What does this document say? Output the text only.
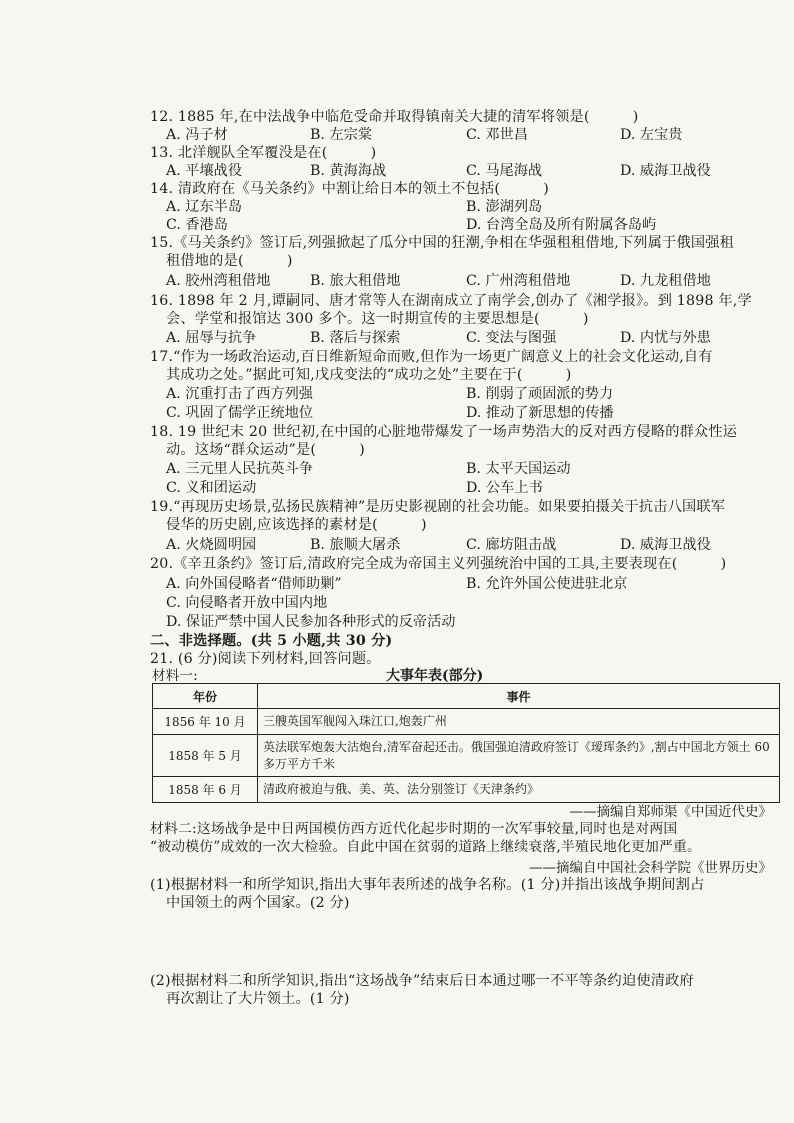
12. 1885 年,在中法战争中临危受命并取得镇南关大捷的清军将领是(　　　)
A. 冯子材	B. 左宗棠	C. 邓世昌	D. 左宝贵
13. 北洋舰队全军覆没是在(　　　)
A. 平壤战役	B. 黄海海战	C. 马尾海战	D. 威海卫战役
14. 清政府在《马关条约》中割让给日本的领土不包括(　　　)
A. 辽东半岛	B. 澎湖列岛
C. 香港岛	D. 台湾全岛及所有附属各岛屿
15.《马关条约》签订后,列强掀起了瓜分中国的狂潮,争相在华强租租借地,下列属于俄国强租
租借地的是(　　　)
A. 胶州湾租借地	B. 旅大租借地	C. 广州湾租借地	D. 九龙租借地
16. 1898 年 2 月,谭嗣同、唐才常等人在湖南成立了南学会,创办了《湘学报》。到 1898 年,学
会、学堂和报馆达 300 多个。这一时期宣传的主要思想是(　　　)
A. 屈辱与抗争	B. 落后与探索	C. 变法与图强	D. 内忧与外患
17.“作为一场政治运动,百日维新短命而败,但作为一场更广阔意义上的社会文化运动,自有
其成功之处。”据此可知,戊戌变法的“成功之处”主要在于(　　　)
A. 沉重打击了西方列强	B. 削弱了顽固派的势力
C. 巩固了儒学正统地位	D. 推动了新思想的传播
18. 19 世纪末 20 世纪初,在中国的心脏地带爆发了一场声势浩大的反对西方侵略的群众性运
动。这场“群众运动”是(　　　)
A. 三元里人民抗英斗争	B. 太平天国运动
C. 义和团运动	D. 公车上书
19.“再现历史场景,弘扬民族精神”是历史影视剧的社会功能。如果要拍摄关于抗击八国联军
侵华的历史剧,应该选择的素材是(　　　)
A. 火烧圆明园	B. 旅顺大屠杀	C. 廊坊阻击战	D. 威海卫战役
20.《辛丑条约》签订后,清政府完全成为帝国主义列强统治中国的工具,主要表现在(　　　)
A. 向外国侵略者“借师助剿”	B. 允许外国公使进驻北京
C. 向侵略者开放中国内地
D. 保证严禁中国人民参加各种形式的反帝活动
二、非选择题。(共 5 小题,共 30 分)
21. (6 分)阅读下列材料,回答问题。
材料一:	大事年表(部分)
年份	事件
1856 年 10 月	三艘英国军舰闯入珠江口,炮轰广州
1858 年 5 月	英法联军炮轰大沽炮台,清军奋起还击。俄国强迫清政府签订《瑷珲条约》,割占中国北方领土 60 多万平方千米
1858 年 6 月	清政府被迫与俄、美、英、法分别签订《天津条约》
——摘编自郑师渠《中国近代史》
材料二:这场战争是中日两国模仿西方近代化起步时期的一次军事较量,同时也是对两国
“被动模仿”成效的一次大检验。自此中国在贫弱的道路上继续衰落,半殖民地化更加严重。
——摘编自中国社会科学院《世界历史》
(1)根据材料一和所学知识,指出大事年表所述的战争名称。(1 分)并指出该战争期间割占
中国领土的两个国家。(2 分)
(2)根据材料二和所学知识,指出“这场战争”结束后日本通过哪一不平等条约迫使清政府
再次割让了大片领土。(1 分)
